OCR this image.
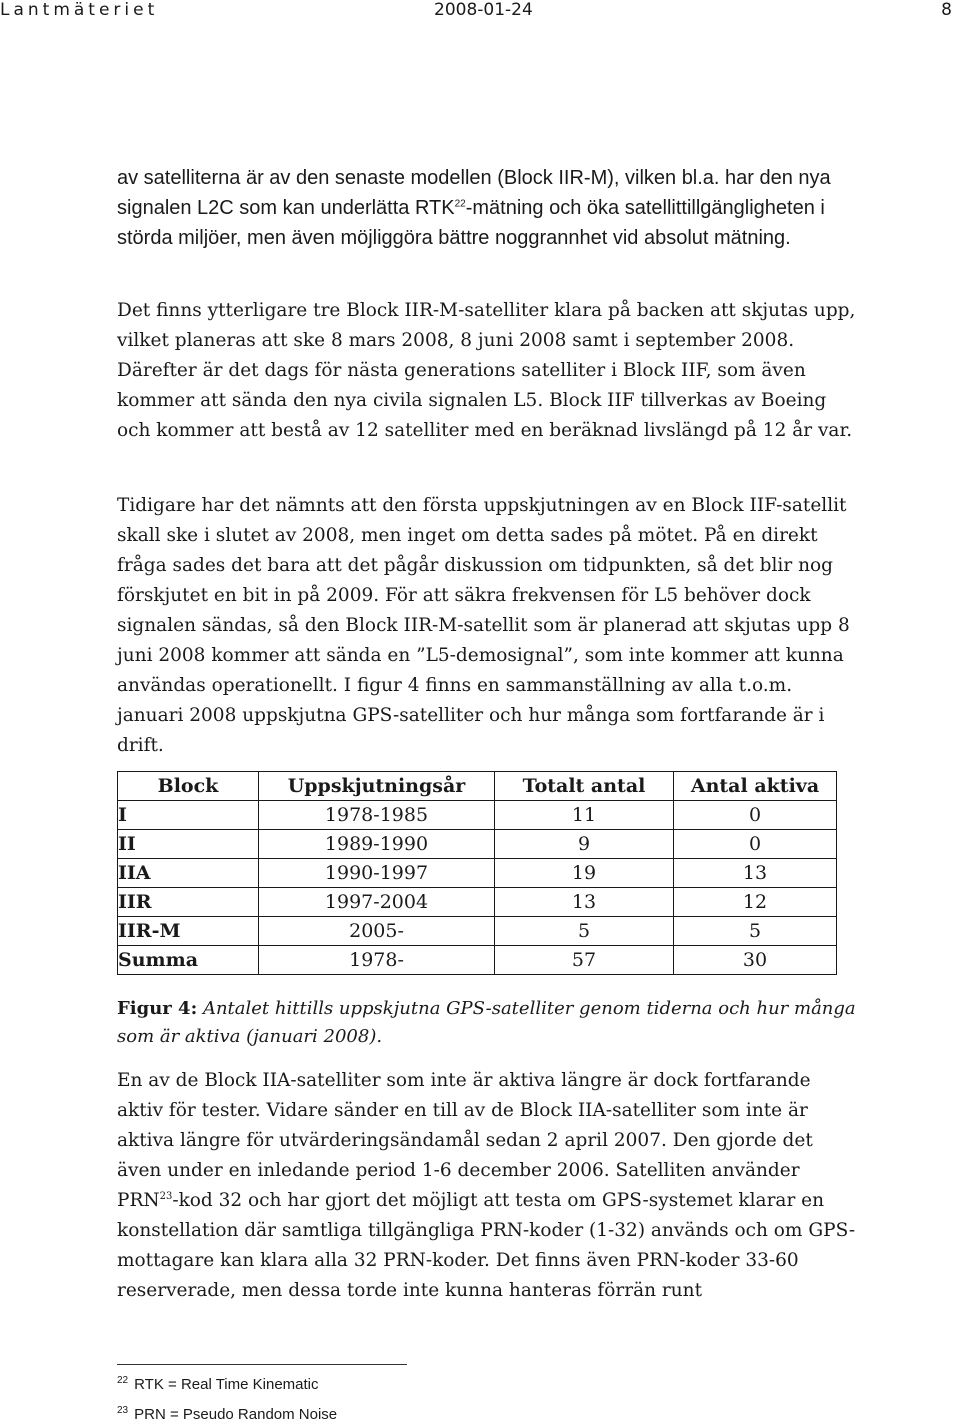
Lantmäteriet	2008-01-24	8

av satelliterna är av den senaste modellen (Block IIR-M), vilken bl.a. har den nya signalen L2C som kan underlätta RTK$^{22}$-mätning och öka satellittillgängligheten i störda miljöer, men även möjliggöra bättre noggrannhet vid absolut mätning.

Det finns ytterligare tre Block IIR-M-satelliter klara på backen att skjutas upp, vilket planeras att ske 8 mars 2008, 8 juni 2008 samt i september 2008. Därefter är det dags för nästa generations satelliter i Block IIF, som även kommer att sända den nya civila signalen L5. Block IIF tillverkas av Boeing och kommer att bestå av 12 satelliter med en beräknad livslängd på 12 år var.

Tidigare har det nämnts att den första uppskjutningen av en Block IIF-satellit skall ske i slutet av 2008, men inget om detta sades på mötet. På en direkt fråga sades det bara att det pågår diskussion om tidpunkten, så det blir nog förskjutet en bit in på 2009. För att säkra frekvensen för L5 behöver dock signalen sändas, så den Block IIR-M-satellit som är planerad att skjutas upp 8 juni 2008 kommer att sända en ”L5-demosignal”, som inte kommer att kunna användas operationellt. I figur 4 finns en sammanställning av alla t.o.m. januari 2008 uppskjutna GPS-satelliter och hur många som fortfarande är i drift.

Block	Uppskjutningsår	Totalt antal	Antal aktiva
I	1978-1985	11	0
II	1989-1990	9	0
IIA	1990-1997	19	13
IIR	1997-2004	13	12
IIR-M	2005-	5	5
Summa	1978-	57	30

Figur 4: Antalet hittills uppskjutna GPS-satelliter genom tiderna och hur många som är aktiva (januari 2008).

En av de Block IIA-satelliter som inte är aktiva längre är dock fortfarande aktiv för tester. Vidare sänder en till av de Block IIA-satelliter som inte är aktiva längre för utvärderingsändamål sedan 2 april 2007. Den gjorde det även under en inledande period 1-6 december 2006. Satelliten använder PRN$^{23}$-kod 32 och har gjort det möjligt att testa om GPS-systemet klarar en konstellation där samtliga tillgängliga PRN-koder (1-32) används och om GPS-mottagare kan klara alla 32 PRN-koder. Det finns även PRN-koder 33-60 reserverade, men dessa torde inte kunna hanteras förrän runt

$^{22}$ RTK = Real Time Kinematic
$^{23}$ PRN = Pseudo Random Noise
